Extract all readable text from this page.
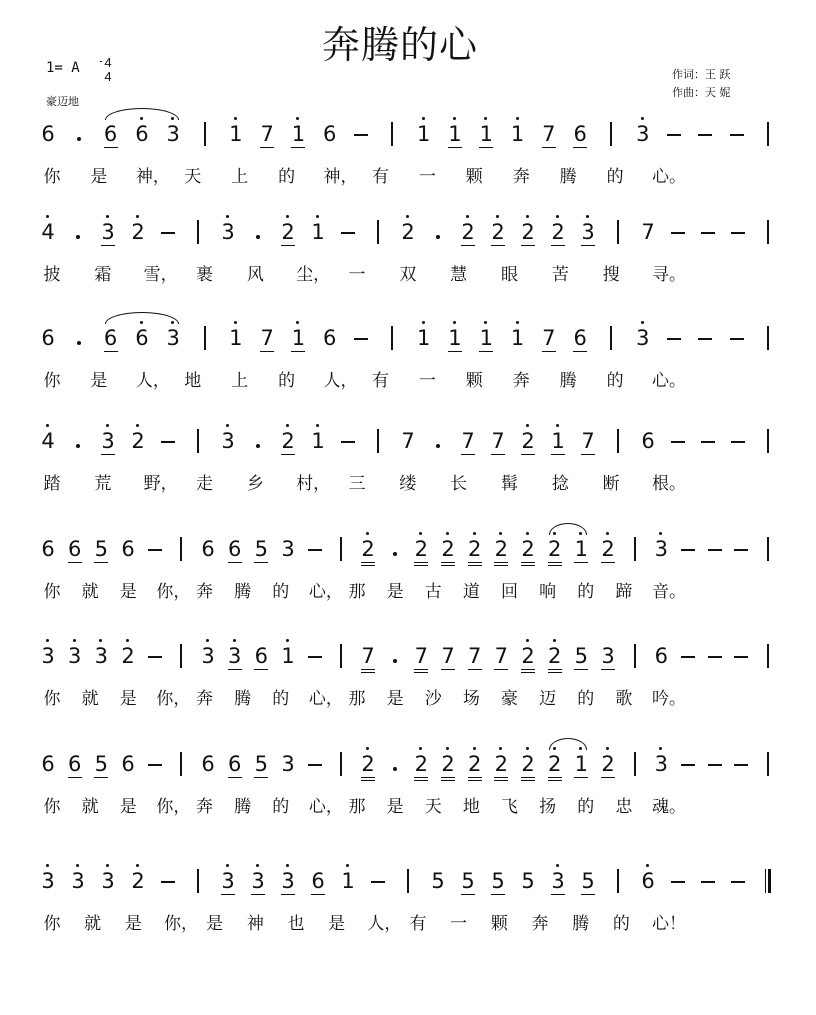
奔腾的心
1= A	4
4
豪迈地
作词：王 跃
作曲：天 妮
6 6 6 3 1 7 1 6	1 1 1 1 7 6 3
你 是 神， 天 上 的 神， 有 一 颗 奔 腾 的 心。
4 3 2	3 2 1	2 2 2 2 2 3 7
披 霜 雪， 裹 风 尘， 一 双 慧 眼 苦 搜 寻。
6 6 6 3 1 7 1 6	1 1 1 1 7 6 3
你 是 人， 地 上 的 人， 有 一 颗 奔 腾 的 心。
4 3 2	3 2 1	7 7 7 2 1 7 6
踏 荒 野， 走 乡 村， 三 缕 长 髯 捻 断 根。
6 6 5 6	6 6 5 3	2 2 2 2 2 2 2 1 2 3
你 就 是 你， 奔 腾 的 心， 那 是 古 道 回 响 的 蹄 音。
3 3 3 2	3 3 6 1	7 7 7 7 7 2 2 5 3 6
你 就 是 你， 奔 腾 的 心， 那 是 沙 场 豪 迈 的 歌 吟。
6 6 5 6	6 6 5 3	2 2 2 2 2 2 2 1 2 3
你 就 是 你， 奔 腾 的 心， 那 是 天 地 飞 扬 的 忠 魂。
3 3 3 2	3 3 3 6 1	5 5 5 5 3 5 6
你 就 是 你， 是 神 也 是 人， 有 一 颗 奔 腾 的 心！
